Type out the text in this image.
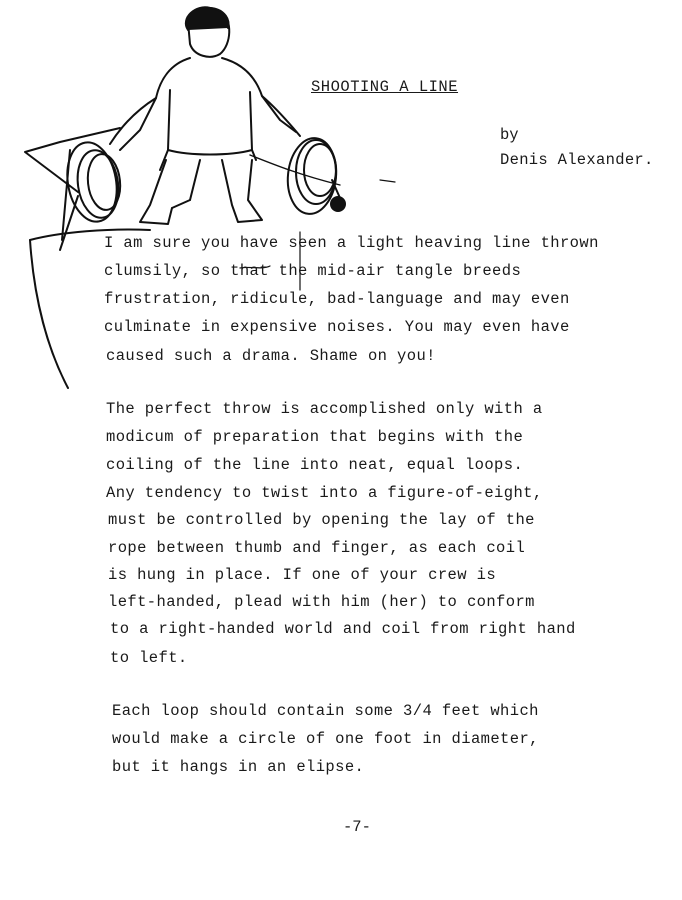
SHOOTING A LINE
by
Denis Alexander.
I am sure you have seen a light heaving line thrown
clumsily, so that the mid-air tangle breeds
frustration, ridicule, bad-language and may even
culminate in expensive noises. You may even have
caused such a drama. Shame on you!
The perfect throw is accomplished only with a
modicum of preparation that begins with the
coiling of the line into neat, equal loops.
Any tendency to twist into a figure-of-eight,
must be controlled by opening the lay of the
rope between thumb and finger, as each coil
is hung in place. If one of your crew is
left-handed, plead with him (her) to conform
to a right-handed world and coil from right hand
to left.
Each loop should contain some 3/4 feet which
would make a circle of one foot in diameter,
but it hangs in an elipse.
-7-
